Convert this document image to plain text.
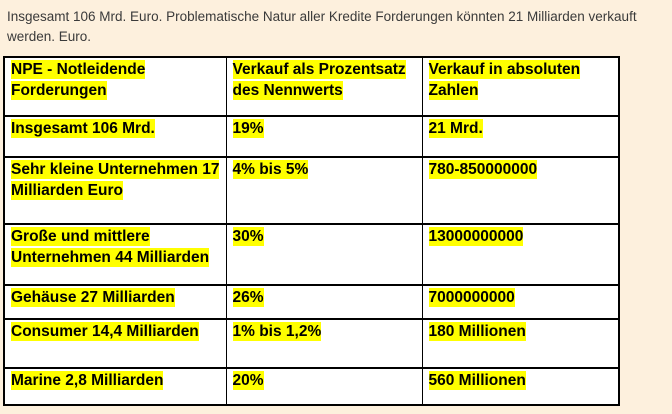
Insgesamt 106 Mrd. Euro. Problematische Natur aller Kredite Forderungen könnten 21 Milliarden verkauft werden. Euro.

NPE - Notleidende Forderungen	Verkauf als Prozentsatz des Nennwerts	Verkauf in absoluten Zahlen
Insgesamt 106 Mrd.	19%	21 Mrd.
Sehr kleine Unternehmen 17 Milliarden Euro	4% bis 5%	780-850000000
Große und mittlere Unternehmen 44 Milliarden	30%	13000000000
Gehäuse 27 Milliarden	26%	7000000000
Consumer 14,4 Milliarden	1% bis 1,2%	180 Millionen
Marine 2,8 Milliarden	20%	560 Millionen
